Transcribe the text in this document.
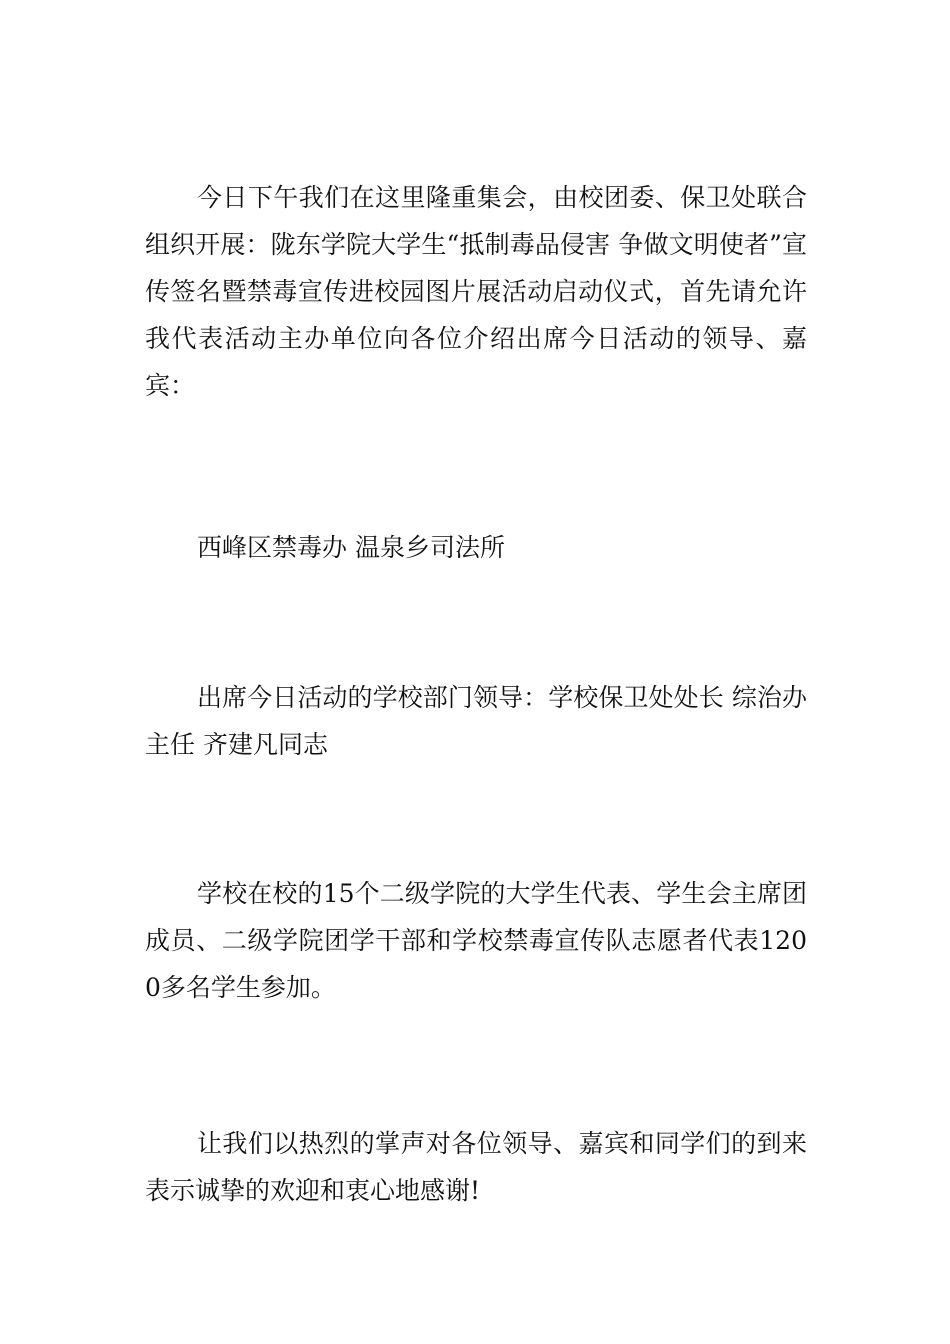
今日下午我们在这里隆重集会，由校团委、保卫处联合组织开展：陇东学院大学生“抵制毒品侵害 争做文明使者”宣传签名暨禁毒宣传进校园图片展活动启动仪式，首先请允许我代表活动主办单位向各位介绍出席今日活动的领导、嘉宾：

西峰区禁毒办 温泉乡司法所

出席今日活动的学校部门领导：学校保卫处处长 综治办主任 齐建凡同志

学校在校的15个二级学院的大学生代表、学生会主席团成员、二级学院团学干部和学校禁毒宣传队志愿者代表1200多名学生参加。

让我们以热烈的掌声对各位领导、嘉宾和同学们的到来表示诚挚的欢迎和衷心地感谢!
